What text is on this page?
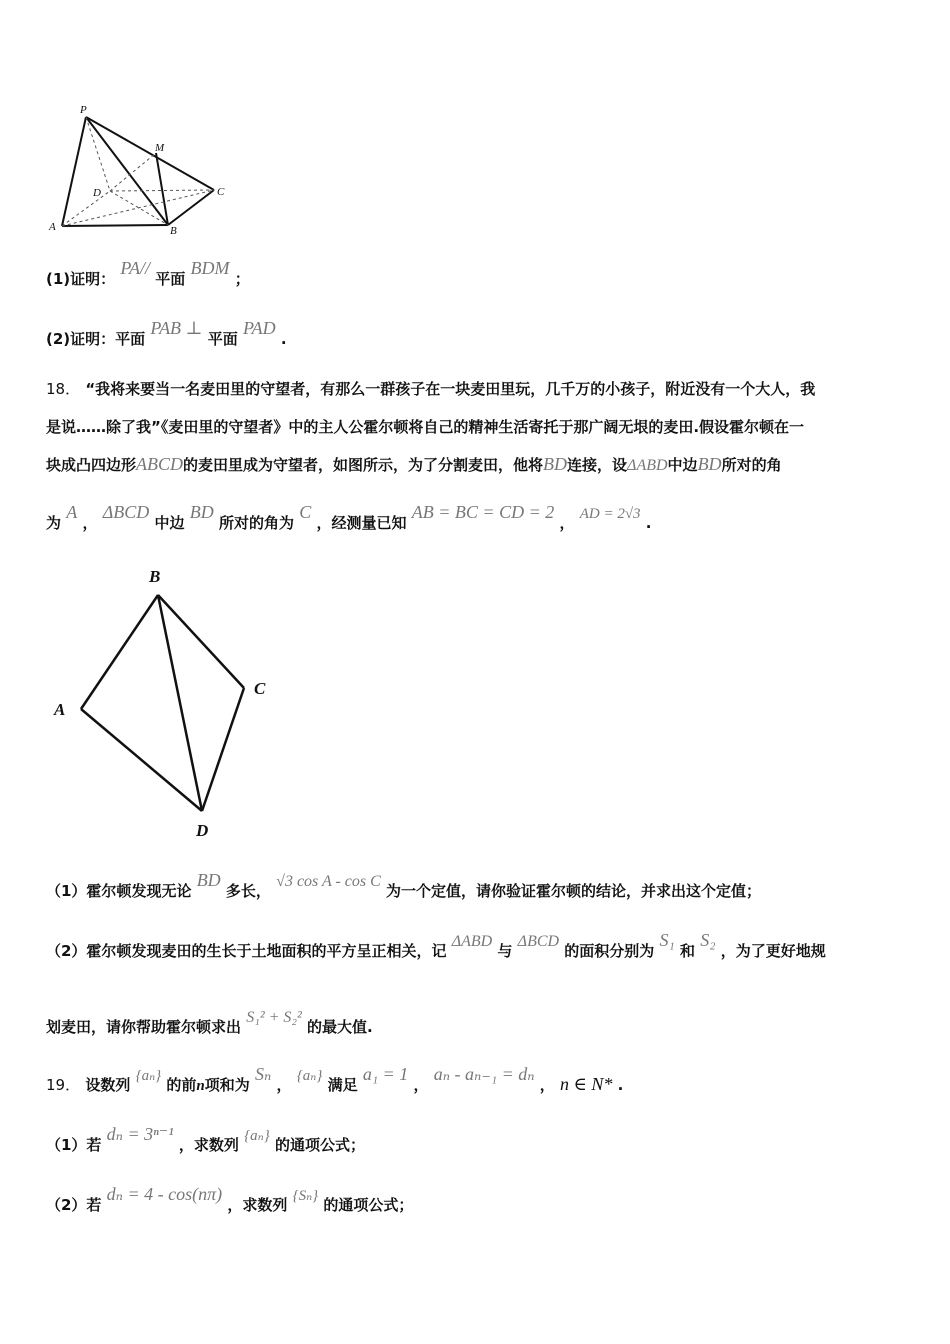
P
M
D	C
A	B
(1)证明： PA// 平面 BDM ；
(2)证明：平面 PAB ⊥ 平面 PAD .
18． “我将来要当一名麦田里的守望者，有那么一群孩子在一块麦田里玩，几千万的小孩子，附近没有一个大人，我
是说……除了我”《麦田里的守望者》中的主人公霍尔顿将自己的精神生活寄托于那广阔无垠的麦田.假设霍尔顿在一
块成凸四边形ABCD的麦田里成为守望者，如图所示，为了分割麦田，他将BD连接，设ΔABD中边BD所对的角
为 A ， ΔBCD 中边 BD 所对的角为 C ，经测量已知 AB = BC = CD = 2 ， AD = 2√3 .
B
C
A
D
（1）霍尔顿发现无论 BD 多长， √3 cos A - cos C 为一个定值，请你验证霍尔顿的结论，并求出这个定值；
（2）霍尔顿发现麦田的生长于土地面积的平方呈正相关，记 ΔABD 与 ΔBCD 的面积分别为 S₁ 和 S₂ ，为了更好地规
划麦田，请你帮助霍尔顿求出 S₁² + S₂² 的最大值.
19． 设数列 {aₙ} 的前n项和为 Sₙ ， {aₙ} 满足 a₁ = 1 ， aₙ - aₙ₋₁ = dₙ ， n ∈ N* .
（1）若 dₙ = 3ⁿ⁻¹ ，求数列 {aₙ} 的通项公式；
（2）若 dₙ = 4 - cos(nπ) ，求数列 {Sₙ} 的通项公式；
